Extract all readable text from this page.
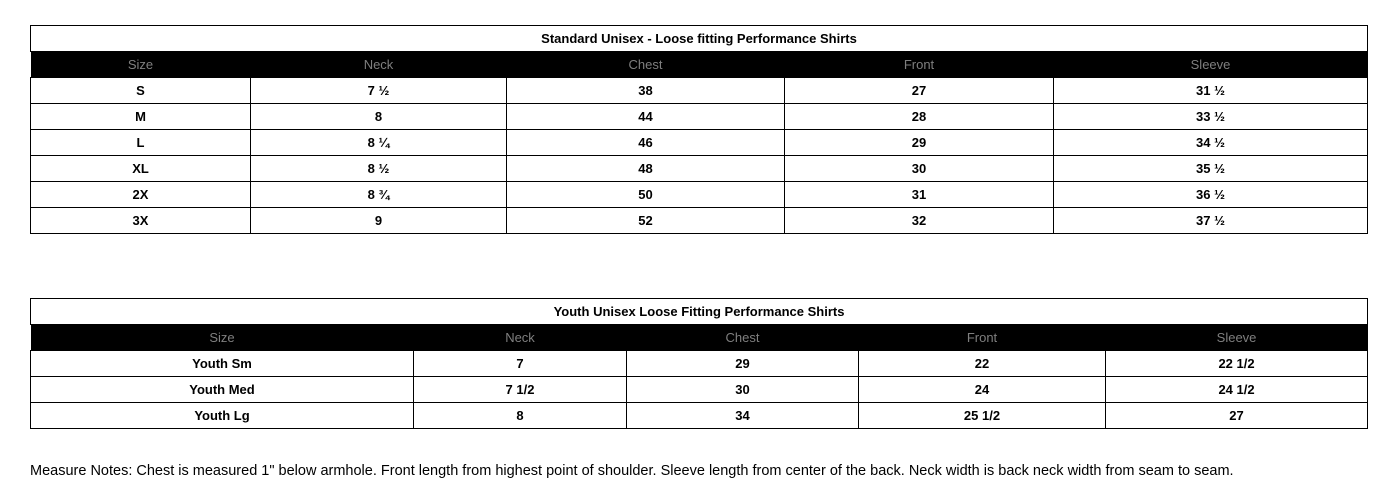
Standard Unisex - Loose fitting Performance Shirts				
Size	Neck	Chest	Front	Sleeve
S	7 ½	38	27	31 ½
M	8	44	28	33 ½
L	8 ¼	46	29	34 ½
XL	8 ½	48	30	35 ½
2X	8 ¾	50	31	36 ½
3X	9	52	32	37 ½
Youth Unisex Loose Fitting Performance Shirts				
Size	Neck	Chest	Front	Sleeve
Youth Sm	7	29	22	22 1/2
Youth Med	7 1/2	30	24	24 1/2
Youth Lg	8	34	25 1/2	27
Measure Notes: Chest is measured 1" below armhole. Front length from highest point of shoulder. Sleeve length from center of the back. Neck width is back neck width from seam to seam.
